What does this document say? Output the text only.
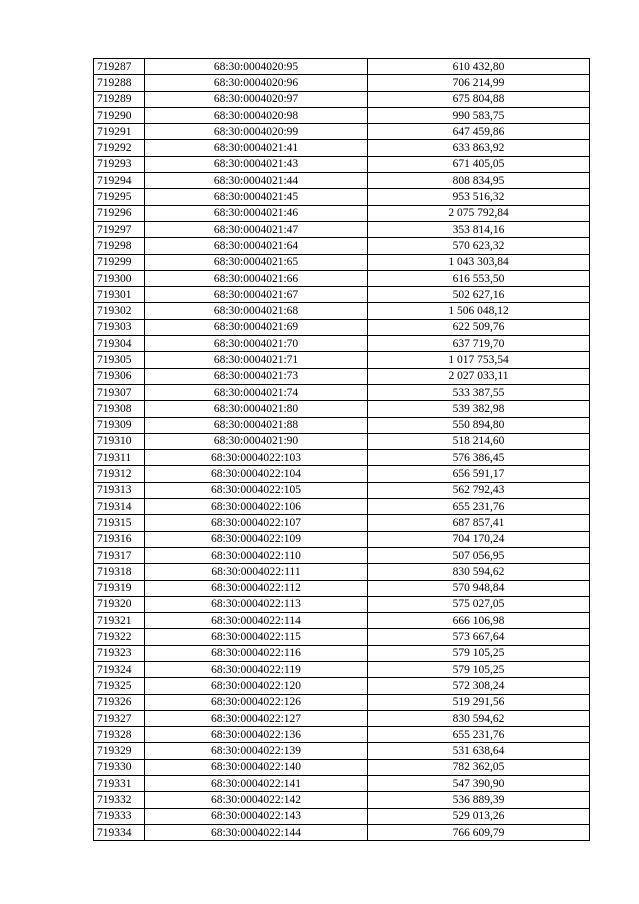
719287	68:30:0004020:95	610 432,80
719288	68:30:0004020:96	706 214,99
719289	68:30:0004020:97	675 804,88
719290	68:30:0004020:98	990 583,75
719291	68:30:0004020:99	647 459,86
719292	68:30:0004021:41	633 863,92
719293	68:30:0004021:43	671 405,05
719294	68:30:0004021:44	808 834,95
719295	68:30:0004021:45	953 516,32
719296	68:30:0004021:46	2 075 792,84
719297	68:30:0004021:47	353 814,16
719298	68:30:0004021:64	570 623,32
719299	68:30:0004021:65	1 043 303,84
719300	68:30:0004021:66	616 553,50
719301	68:30:0004021:67	502 627,16
719302	68:30:0004021:68	1 506 048,12
719303	68:30:0004021:69	622 509,76
719304	68:30:0004021:70	637 719,70
719305	68:30:0004021:71	1 017 753,54
719306	68:30:0004021:73	2 027 033,11
719307	68:30:0004021:74	533 387,55
719308	68:30:0004021:80	539 382,98
719309	68:30:0004021:88	550 894,80
719310	68:30:0004021:90	518 214,60
719311	68:30:0004022:103	576 386,45
719312	68:30:0004022:104	656 591,17
719313	68:30:0004022:105	562 792,43
719314	68:30:0004022:106	655 231,76
719315	68:30:0004022:107	687 857,41
719316	68:30:0004022:109	704 170,24
719317	68:30:0004022:110	507 056,95
719318	68:30:0004022:111	830 594,62
719319	68:30:0004022:112	570 948,84
719320	68:30:0004022:113	575 027,05
719321	68:30:0004022:114	666 106,98
719322	68:30:0004022:115	573 667,64
719323	68:30:0004022:116	579 105,25
719324	68:30:0004022:119	579 105,25
719325	68:30:0004022:120	572 308,24
719326	68:30:0004022:126	519 291,56
719327	68:30:0004022:127	830 594,62
719328	68:30:0004022:136	655 231,76
719329	68:30:0004022:139	531 638,64
719330	68:30:0004022:140	782 362,05
719331	68:30:0004022:141	547 390,90
719332	68:30:0004022:142	536 889,39
719333	68:30:0004022:143	529 013,26
719334	68:30:0004022:144	766 609,79
